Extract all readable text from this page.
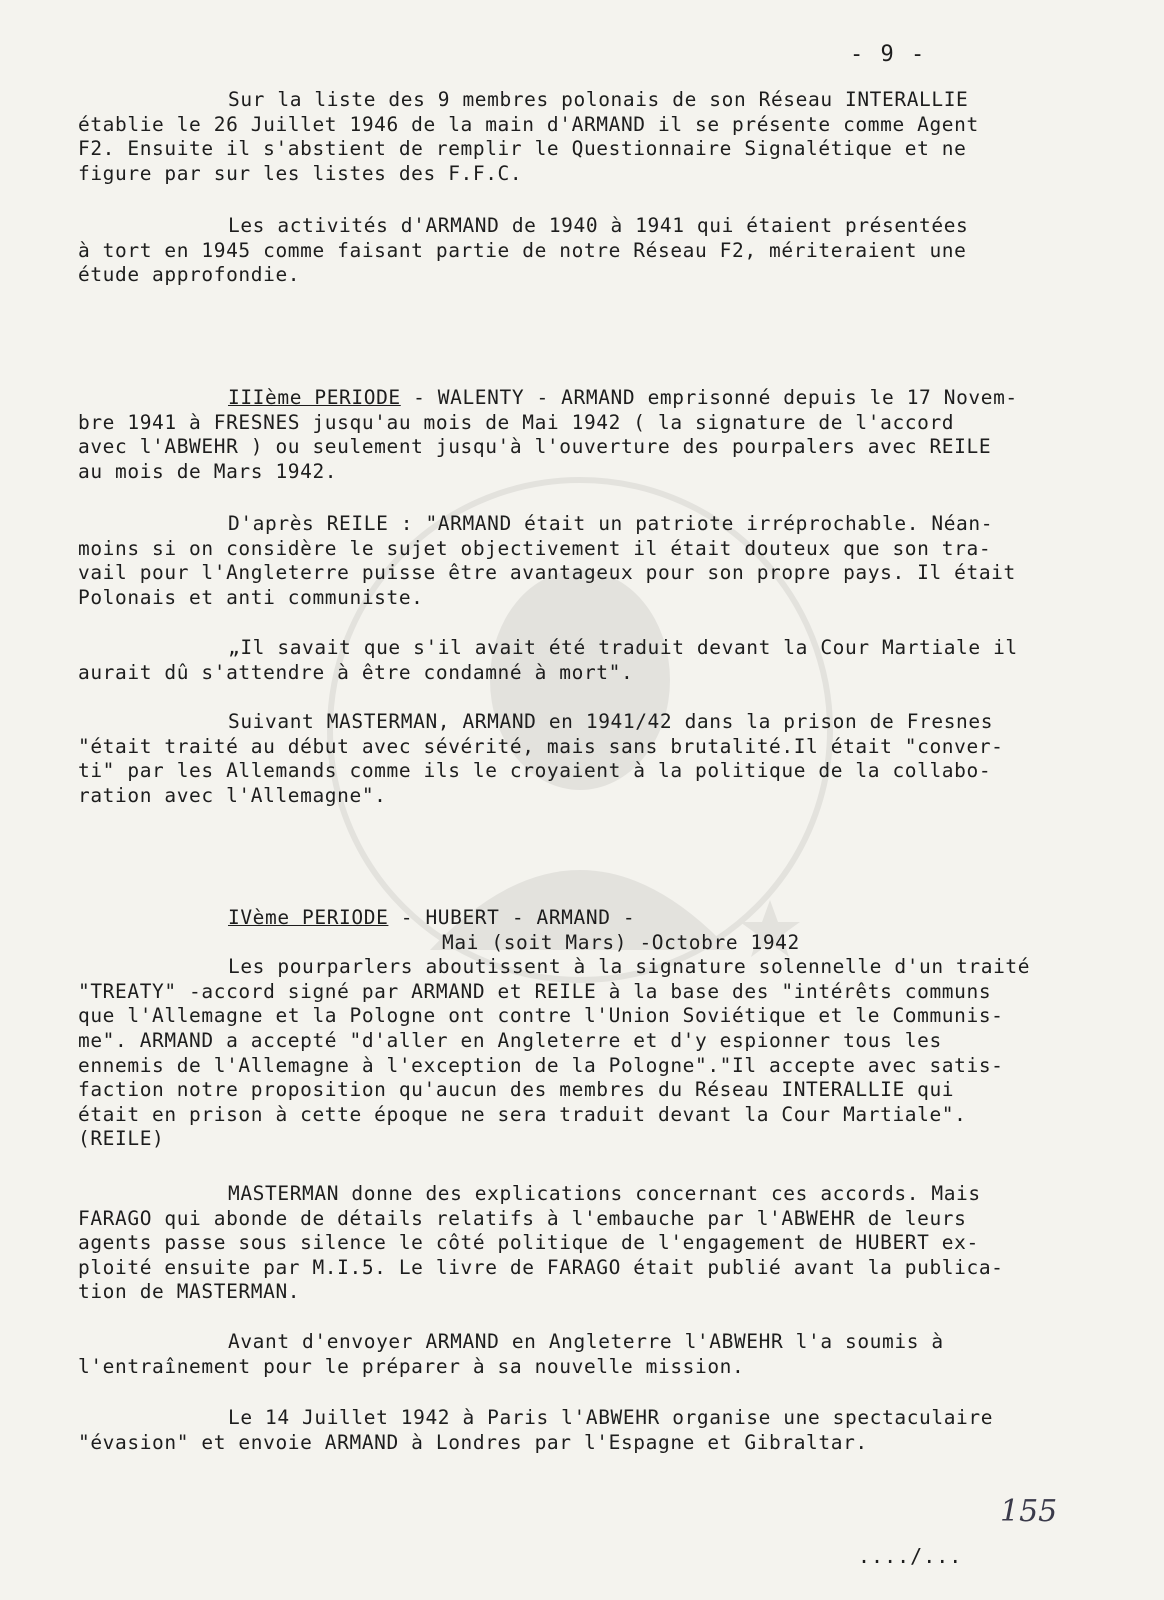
- 9 -
Sur la liste des 9 membres polonais de son Réseau INTERALLIE
établie le 26 Juillet 1946 de la main d'ARMAND il se présente comme Agent
F2. Ensuite il s'abstient de remplir le Questionnaire Signalétique et ne
figure par sur les listes des F.F.C.
Les activités d'ARMAND de 1940 à 1941 qui étaient présentées
à tort en 1945 comme faisant partie de notre Réseau F2, mériteraient une
étude approfondie.
IIIème PERIODE - WALENTY - ARMAND emprisonné depuis le 17 Novem-
bre 1941 à FRESNES jusqu'au mois de Mai 1942 ( la signature de l'accord
avec l'ABWEHR ) ou seulement jusqu'à l'ouverture des pourpalers avec REILE
au mois de Mars 1942.
D'après REILE : "ARMAND était un patriote irréprochable. Néan-
moins si on considère le sujet objectivement il était douteux que son tra-
vail pour l'Angleterre puisse être avantageux pour son propre pays. Il était
Polonais et anti communiste.
„Il savait que s'il avait été traduit devant la Cour Martiale il
aurait dû s'attendre à être condamné à mort".
Suivant MASTERMAN, ARMAND en 1941/42 dans la prison de Fresnes
"était traité au début avec sévérité, mais sans brutalité.Il était "conver-
ti" par les Allemands comme ils le croyaient à la politique de la collabo-
ration avec l'Allemagne".
IVème PERIODE - HUBERT - ARMAND -
Mai (soit Mars) -Octobre 1942
Les pourparlers aboutissent à la signature solennelle d'un traité
"TREATY" -accord signé par ARMAND et REILE à la base des "intérêts communs
que l'Allemagne et la Pologne ont contre l'Union Soviétique et le Communis-
me". ARMAND a accepté "d'aller en Angleterre et d'y espionner tous les
ennemis de l'Allemagne à l'exception de la Pologne"."Il accepte avec satis-
faction notre proposition qu'aucun des membres du Réseau INTERALLIE qui
était en prison à cette époque ne sera traduit devant la Cour Martiale".
(REILE)
MASTERMAN donne des explications concernant ces accords. Mais
FARAGO qui abonde de détails relatifs à l'embauche par l'ABWEHR de leurs
agents passe sous silence le côté politique de l'engagement de HUBERT ex-
ploité ensuite par M.I.5. Le livre de FARAGO était publié avant la publica-
tion de MASTERMAN.
Avant d'envoyer ARMAND en Angleterre l'ABWEHR l'a soumis à
l'entraînement pour le préparer à sa nouvelle mission.
Le 14 Juillet 1942 à Paris l'ABWEHR organise une spectaculaire
"évasion" et envoie ARMAND à Londres par l'Espagne et Gibraltar.
155
..../...
